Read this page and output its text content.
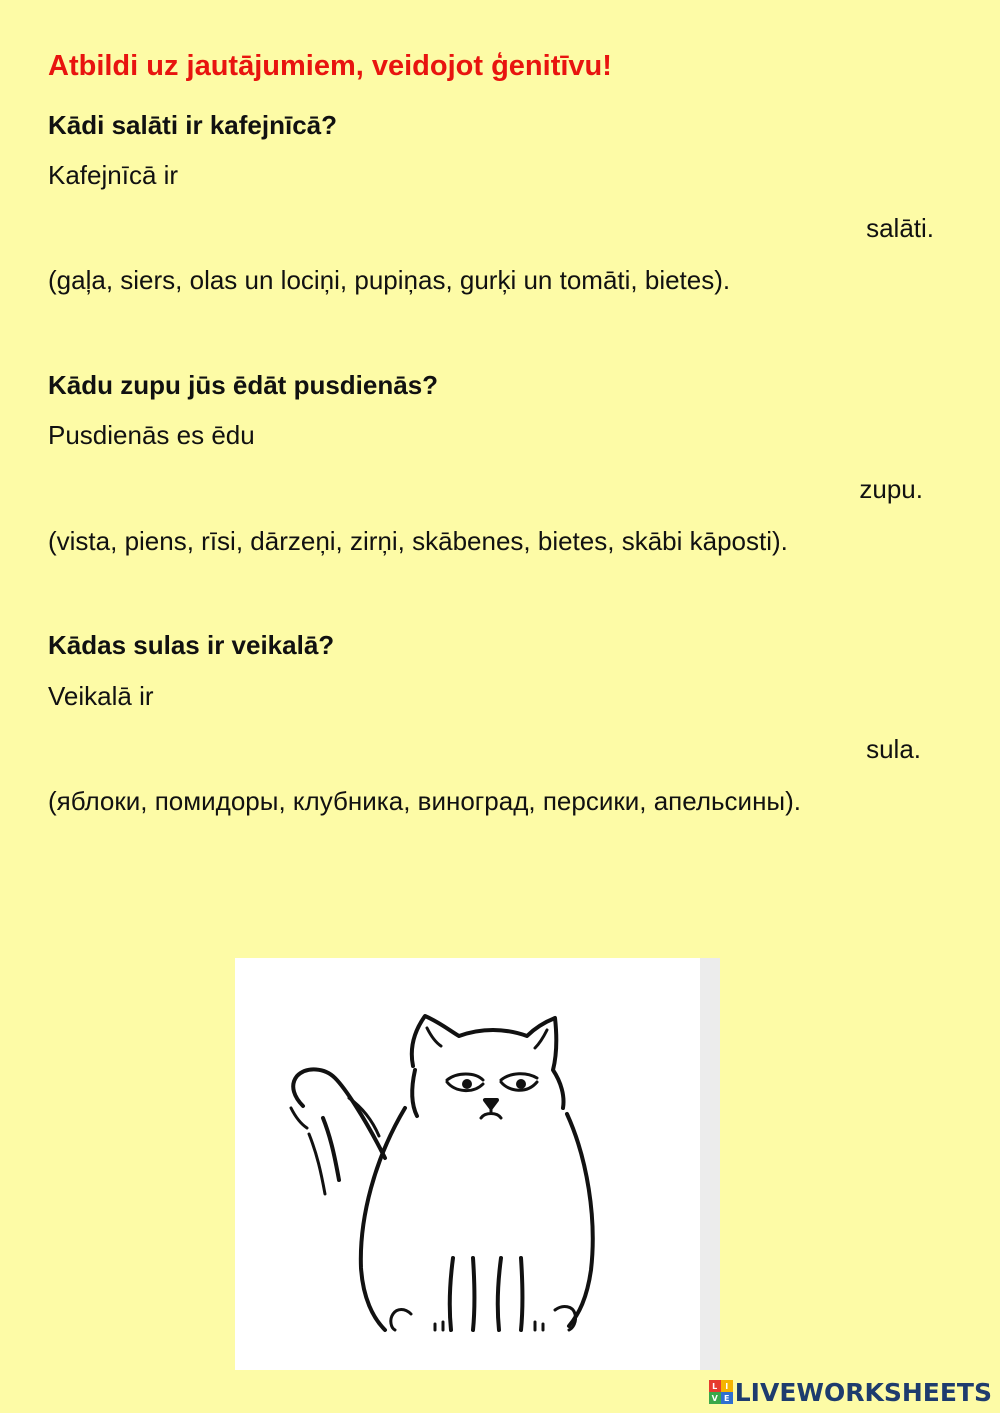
Atbildi uz jautājumiem, veidojot ģenitīvu!
Kādi salāti ir kafejnīcā?
Kafejnīcā ir
salāti.
(gaļa, siers, olas un lociņi, pupiņas, gurķi un tomāti, bietes).
Kādu zupu jūs ēdāt pusdienās?
Pusdienās es ēdu
zupu.
(vista, piens, rīsi, dārzeņi, zirņi, skābenes, bietes, skābi kāposti).
Kādas sulas ir veikalā?
Veikalā ir
sula.
(яблоки, помидоры, клубника, виноград, персики, апельсины).
L I
V E LIVEWORKSHEETS
